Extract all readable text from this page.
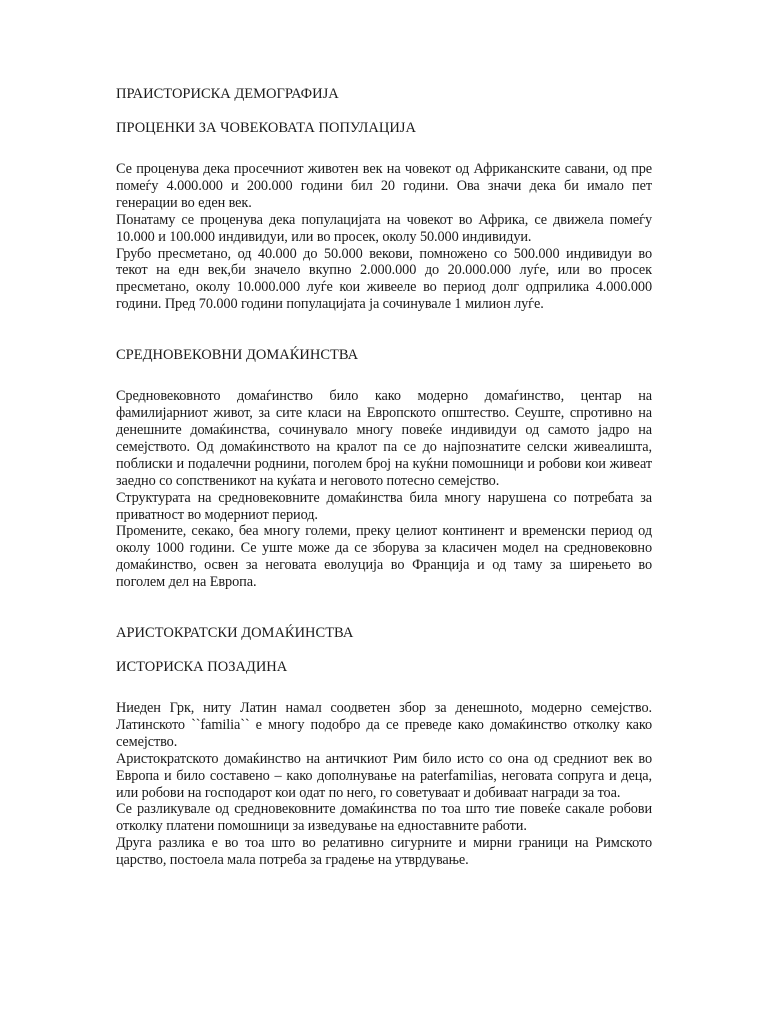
ПРАИСТОРИСКА ДЕМОГРАФИЈА
ПРОЦЕНКИ ЗА ЧОВЕКОВАТА ПОПУЛАЦИЈА

Се проценува дека просечниот животен век на човекот од Африканските савани, од пре помеѓу 4.000.000 и 200.000 години бил 20 години. Ова значи дека би имало пет генерации во еден век.

Понатаму се проценува дека популацијата на човекот во Африка, се движела помеѓу 10.000 и 100.000 индивидуи, или во просек, околу 50.000 индивидуи.

Грубо пресметано, од 40.000 до 50.000 векови, помножено со 500.000 индивидуи во текот на едн век,би значело вкупно 2.000.000 до 20.000.000 луѓе, или во просек пресметано, околу 10.000.000 луѓе кои живееле во период долг одприлика 4.000.000 години. Пред 70.000 години популацијата ја сочинувале 1 милион луѓе.

СРЕДНОВЕКОВНИ ДОМАЌИНСТВА

Средновековното домаѓинство било како модерно домаѓинство, центар на фамилијарниот живот, за сите класи на Европското општество. Сеуште, спротивно на денешните домаќинства, сочинувало многу повеќе индивидуи од самото јадро на семејството. Од домаќинството на кралот па се до најпознатите селски живеалишта, поблиски и подалечни роднини, поголем број на куќни помошници и робови кои живеат заедно со сопственикот на куќата и неговото потесно семејство.

Структурата на средновековните домаќинства била многу нарушена со потребата за приватност во модерниот период.

Промените, секако, беа многу големи, преку целиот континент и временски период од околу 1000 години. Се уште може да се зборува за класичен модел на средновековно домаќинство, освен за неговата еволуција во Франција и од таму за ширењето во поголем дел на Европа.

АРИСТОКРАТСКИ ДОМАЌИНСТВА
ИСТОРИСКА ПОЗАДИНА

Ниеден Грк, ниту Латин намал соодветен збор за денешноto, модерно семејство. Латинското ``familia`` е многу подобро да се преведе како домаќинство отколку како семејство.

Аристократското домаќинство на античкиот Рим било исто со она од средниот век во Европа и било составено – како дополнување на paterfamilias, неговата сопруга и деца, или робови на господарот кои одат по него, го советуваат и добиваат награди за тоа.

Се разликувале од средновековните домаќинства по тоа што тие повеќе сакале робови отколку платени помошници за изведување на едноставните работи.

Друга разлика е во тоа што во релативно сигурните и мирни граници на Римското царство, постоела мала потреба за градење на утврдување.
